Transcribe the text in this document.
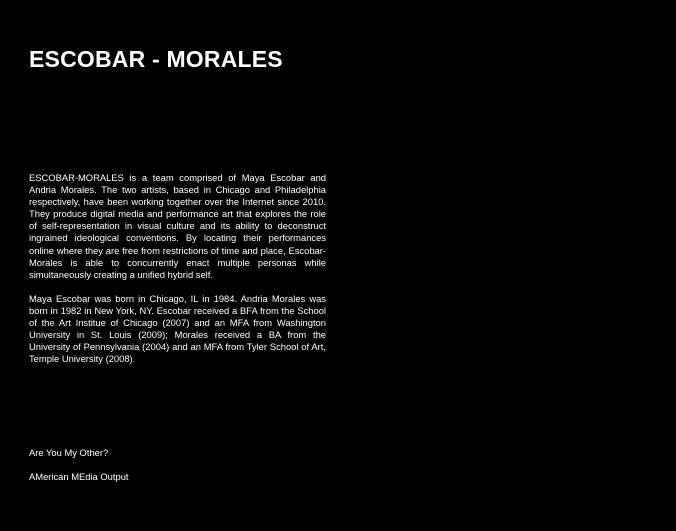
ESCOBAR - MORALES

ESCOBAR-MORALES is a team comprised of Maya Escobar and Andria Morales. The two artists, based in Chicago and Philadelphia respectively, have been working together over the Internet since 2010. They produce digital media and performance art that explores the role of self-representation in visual culture and its ability to deconstruct ingrained ideological conventions. By locating their performances online where they are free from restrictions of time and place, Escobar-Morales is able to concurrently enact multiple personas while simultaneously creating a unified hybrid self.

Maya Escobar was born in Chicago, IL in 1984. Andria Morales was born in 1982 in New York, NY. Escobar received a BFA from the School of the Art Institue of Chicago (2007) and an MFA from Washington University in St. Louis (2009); Morales received a BA from the University of Pennsylvania (2004) and an MFA from Tyler School of Art, Temple University (2008).

Are You My Other?
AMerican MEdia Output
